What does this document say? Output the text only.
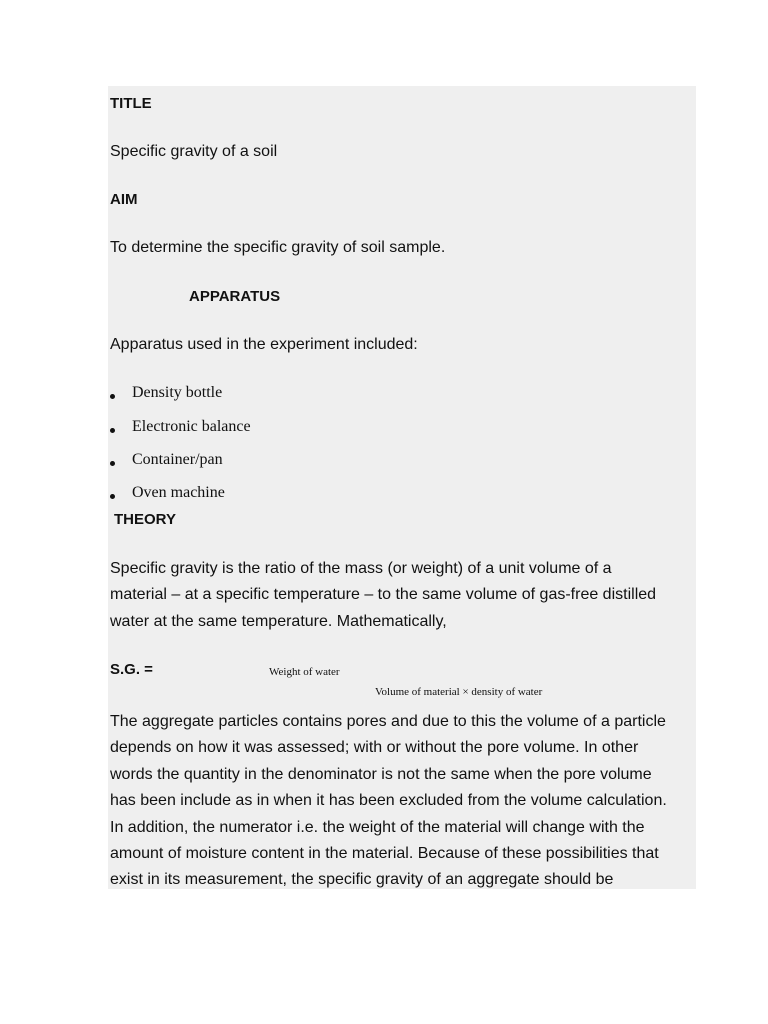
TITLE

Specific gravity of a soil

AIM

To determine the specific gravity of soil sample.

APPARATUS

Apparatus used in the experiment included:

Density bottle

Electronic balance

Container/pan

Oven machine

THEORY

Specific gravity is the ratio of the mass (or weight) of a unit volume of a
material – at a specific temperature – to the same volume of gas-free distilled
water at the same temperature. Mathematically,

S.G. =	Weight of water

Volume of material × density of water

The aggregate particles contains pores and due to this the volume of a particle
depends on how it was assessed; with or without the pore volume. In other
words the quantity in the denominator is not the same when the pore volume
has been include as in when it has been excluded from the volume calculation.
In addition, the numerator i.e. the weight of the material will change with the
amount of moisture content in the material. Because of these possibilities that
exist in its measurement, the specific gravity of an aggregate should be
